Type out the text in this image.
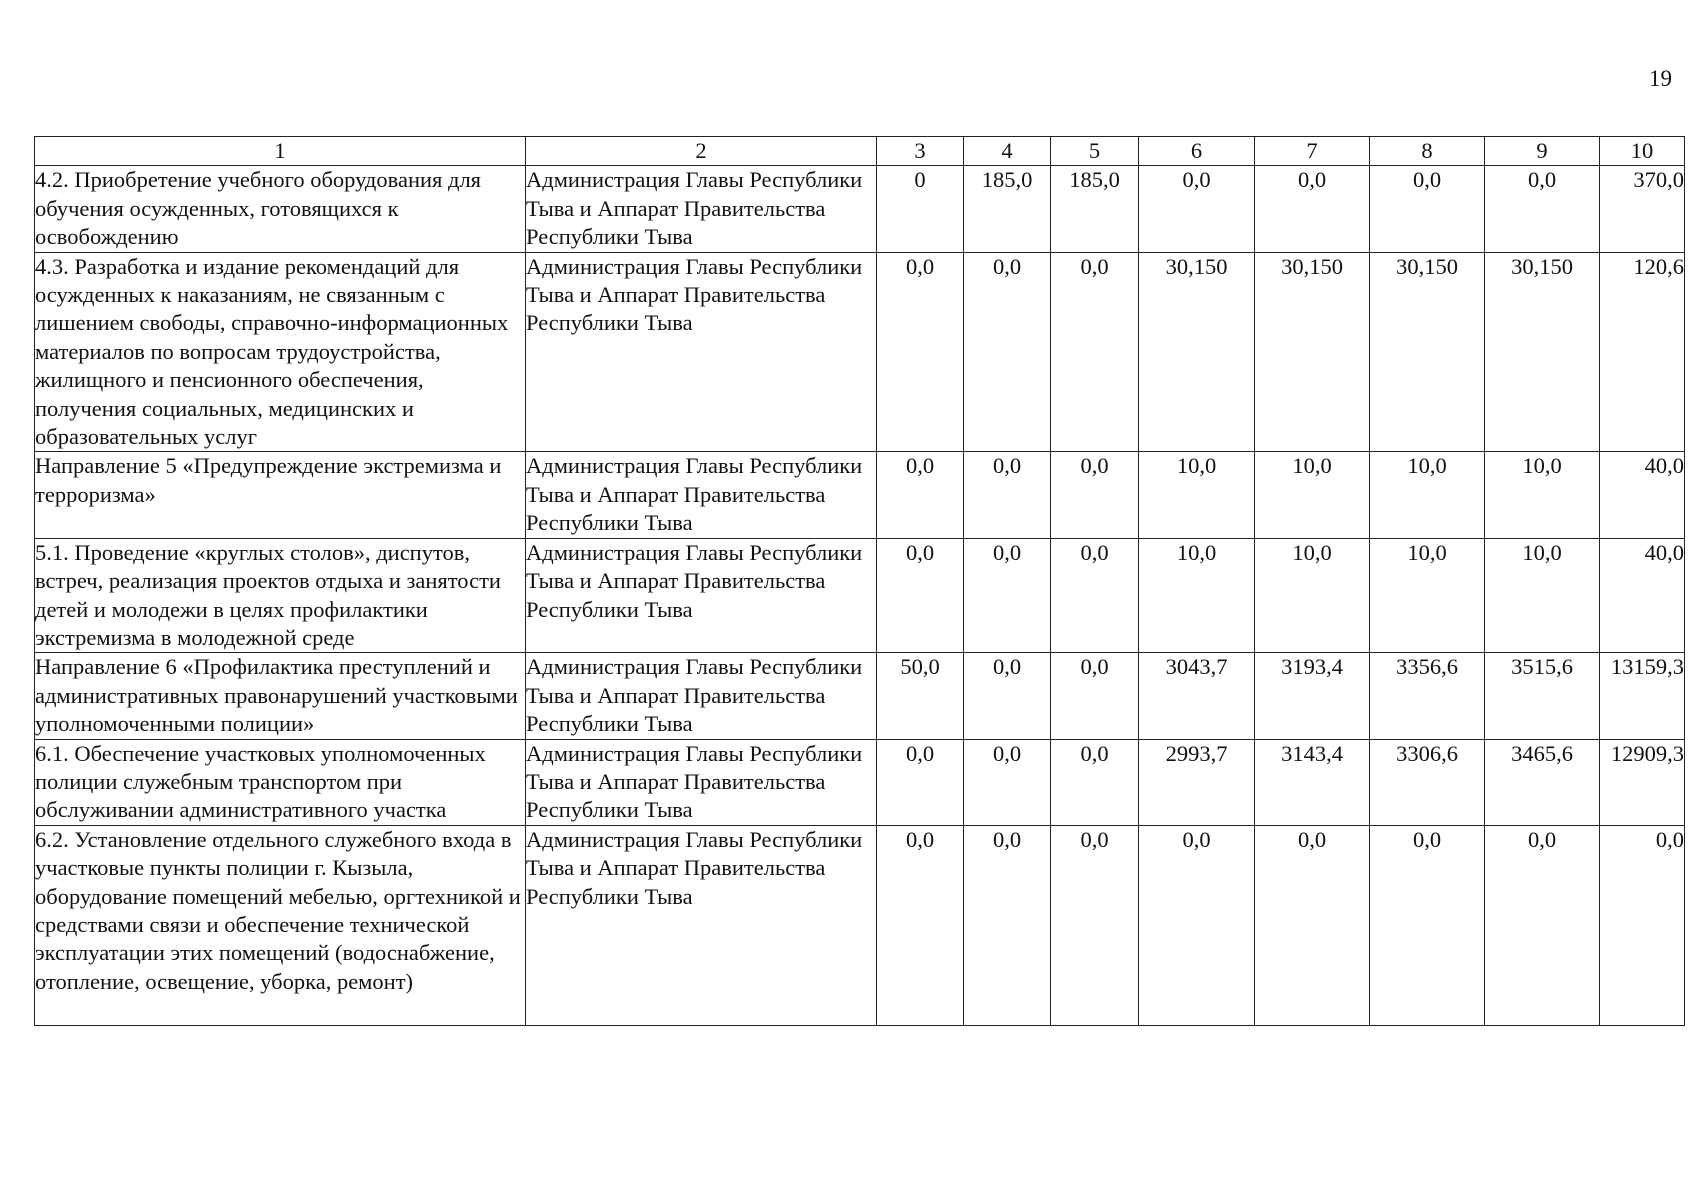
19
1	2	3	4	5	6	7	8	9	10
4.2. Приобретение учебного оборудования для обучения осужденных, готовящихся к освобождению	Администрация Главы Республики Тыва и Аппарат Правительства Республики Тыва	0	185,0	185,0	0,0	0,0	0,0	0,0	370,0
4.3. Разработка и издание рекомендаций для осужденных к наказаниям, не связанным с лишением свободы, справочно-информационных материалов по вопросам трудоустройства, жилищного и пенсионного обеспечения, получения социальных, медицинских и образовательных услуг	Администрация Главы Республики Тыва и Аппарат Правительства Республики Тыва	0,0	0,0	0,0	30,150	30,150	30,150	30,150	120,6
Направление 5 «Предупреждение экстремизма и терроризма»	Администрация Главы Республики Тыва и Аппарат Правительства Республики Тыва	0,0	0,0	0,0	10,0	10,0	10,0	10,0	40,0
5.1. Проведение «круглых столов», диспутов, встреч, реализация проектов отдыха и занятости детей и молодежи в целях профилактики экстремизма в молодежной среде	Администрация Главы Республики Тыва и Аппарат Правительства Республики Тыва	0,0	0,0	0,0	10,0	10,0	10,0	10,0	40,0
Направление 6 «Профилактика преступлений и административных правонарушений участковыми уполномоченными полиции»	Администрация Главы Республики Тыва и Аппарат Правительства Республики Тыва	50,0	0,0	0,0	3043,7	3193,4	3356,6	3515,6	13159,3
6.1. Обеспечение участковых уполномоченных полиции служебным транспортом при обслуживании административного участка	Администрация Главы Республики Тыва и Аппарат Правительства Республики Тыва	0,0	0,0	0,0	2993,7	3143,4	3306,6	3465,6	12909,3
6.2. Установление отдельного служебного входа в участковые пункты полиции г. Кызыла, оборудование помещений мебелью, оргтехникой и средствами связи и обеспечение технической эксплуатации этих помещений (водоснабжение, отопление, освещение, уборка, ремонт)	Администрация Главы Республики Тыва и Аппарат Правительства Республики Тыва	0,0	0,0	0,0	0,0	0,0	0,0	0,0	0,0
